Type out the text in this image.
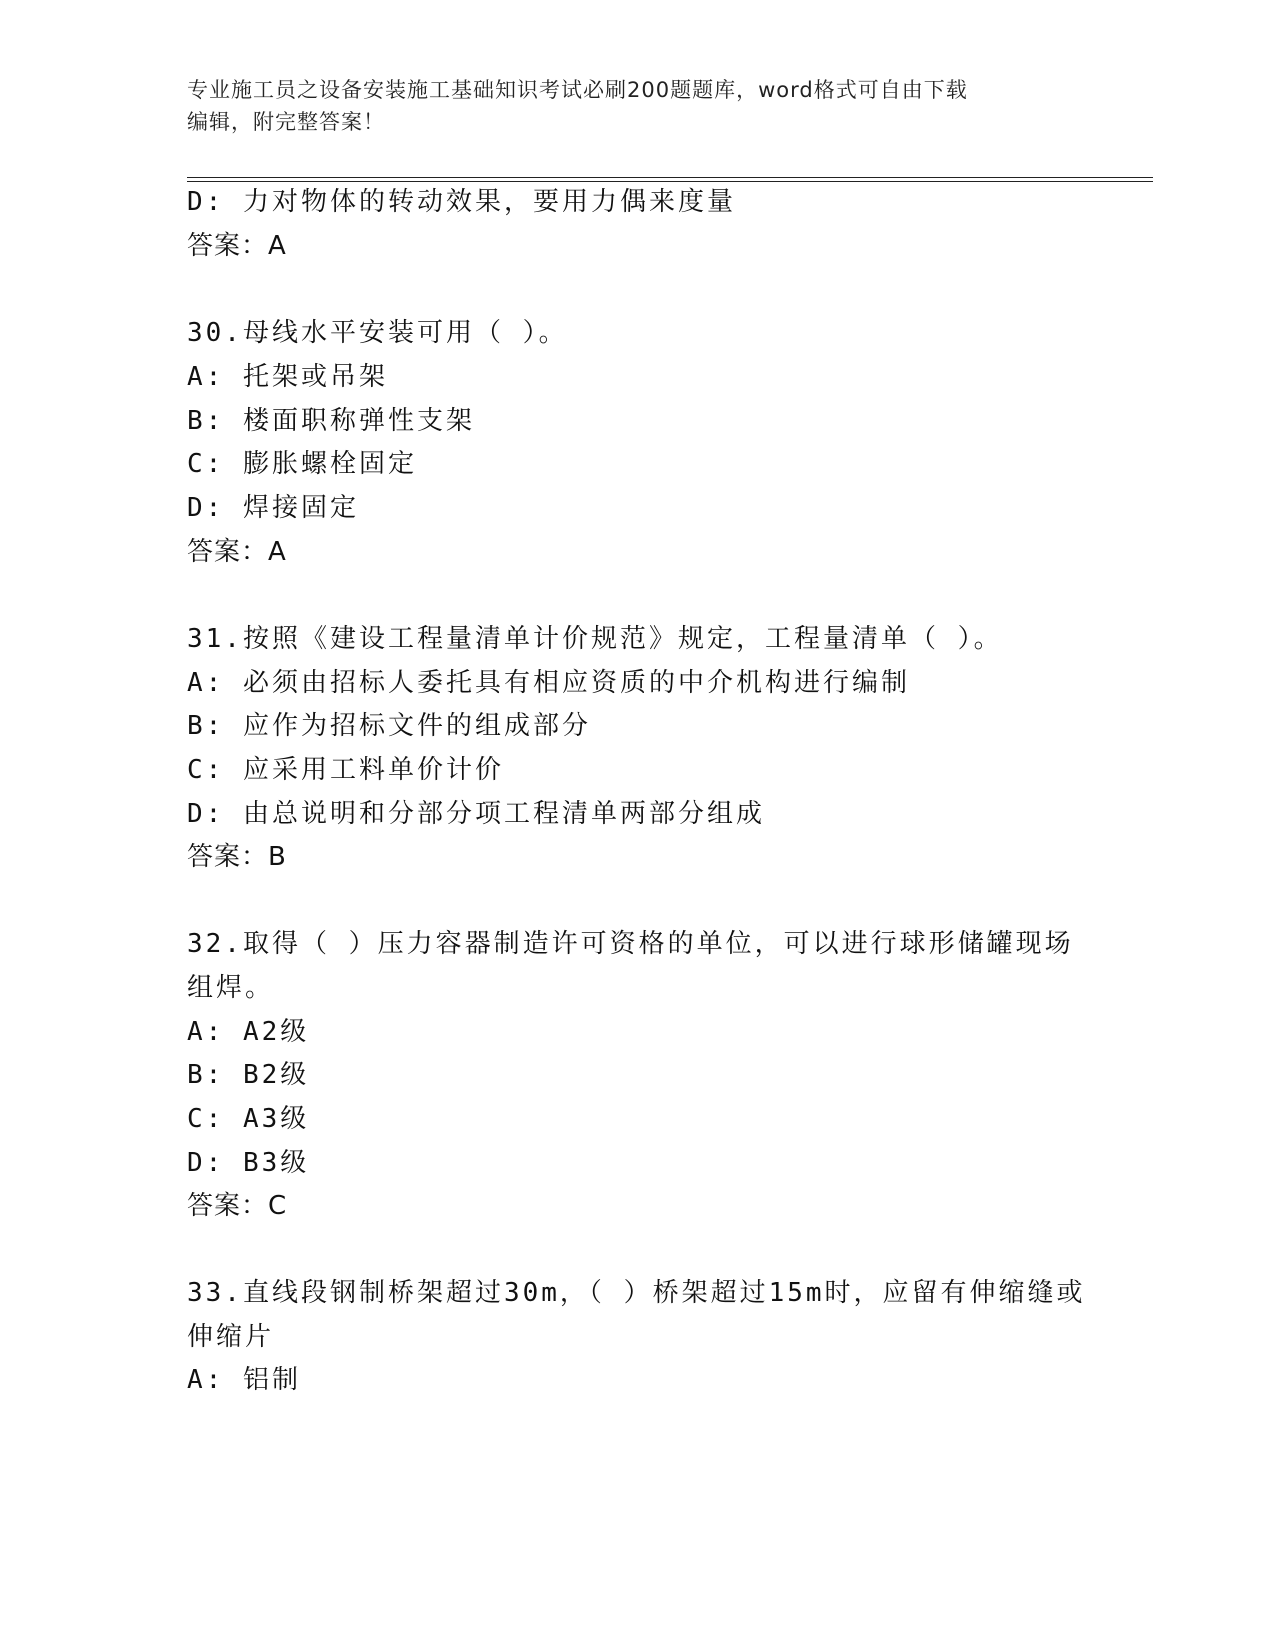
专业施工员之设备安装施工基础知识考试必刷200题题库，word格式可自由下载
编辑，附完整答案！
D: 力对物体的转动效果，要用力偶来度量
答案：A
30.母线水平安装可用（ ）。
A: 托架或吊架
B: 楼面职称弹性支架
C: 膨胀螺栓固定
D: 焊接固定
答案：A
31.按照《建设工程量清单计价规范》规定，工程量清单（ ）。
A: 必须由招标人委托具有相应资质的中介机构进行编制
B: 应作为招标文件的组成部分
C: 应采用工料单价计价
D: 由总说明和分部分项工程清单两部分组成
答案：B
32.取得（ ）压力容器制造许可资格的单位，可以进行球形储罐现场
组焊。
A: A2级
B: B2级
C: A3级
D: B3级
答案：C
33.直线段钢制桥架超过30m，（ ）桥架超过15m时，应留有伸缩缝或
伸缩片
A: 铝制
